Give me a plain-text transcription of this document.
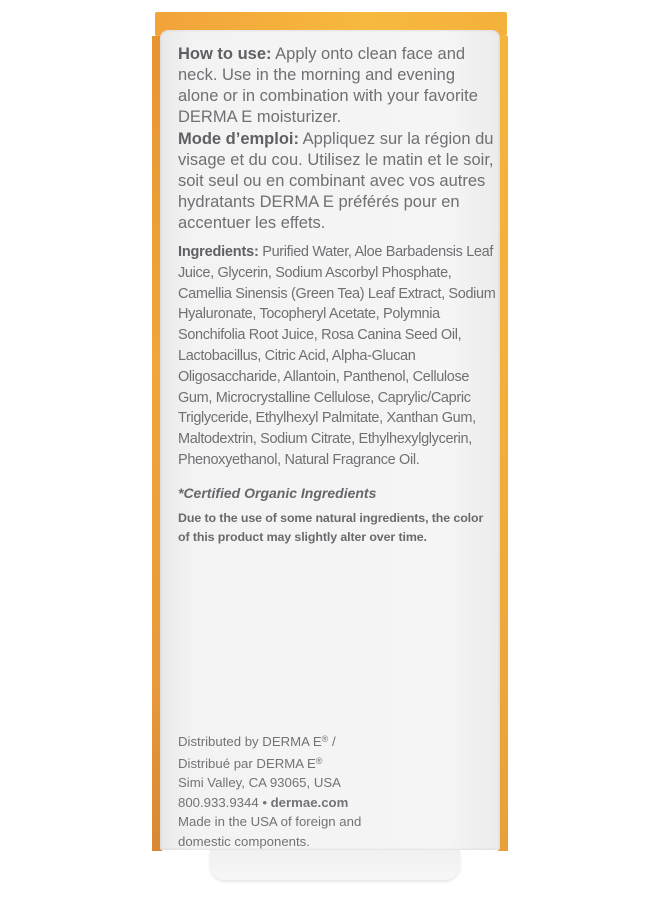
How to use: Apply onto clean face and neck. Use in the morning and evening alone or in combination with your favorite DERMA E moisturizer.

Mode d’emploi: Appliquez sur la région du visage et du cou. Utilisez le matin et le soir, soit seul ou en combinant avec vos autres hydratants DERMA E préférés pour en accentuer les effets.

Ingredients: Purified Water, Aloe Barbadensis Leaf Juice, Glycerin, Sodium Ascorbyl Phosphate, Camellia Sinensis (Green Tea) Leaf Extract, Sodium Hyaluronate, Tocopheryl Acetate, Polymnia Sonchifolia Root Juice, Rosa Canina Seed Oil, Lactobacillus, Citric Acid, Alpha-Glucan Oligosaccharide, Allantoin, Panthenol, Cellulose Gum, Microcrystalline Cellulose, Caprylic/Capric Triglyceride, Ethylhexyl Palmitate, Xanthan Gum, Maltodextrin, Sodium Citrate, Ethylhexylglycerin, Phenoxyethanol, Natural Fragrance Oil.

*Certified Organic Ingredients

Due to the use of some natural ingredients, the color of this product may slightly alter over time.

Distributed by DERMA E® /
Distribué par DERMA E®
Simi Valley, CA 93065, USA
800.933.9344 • dermae.com
Made in the USA of foreign and
domestic components.
